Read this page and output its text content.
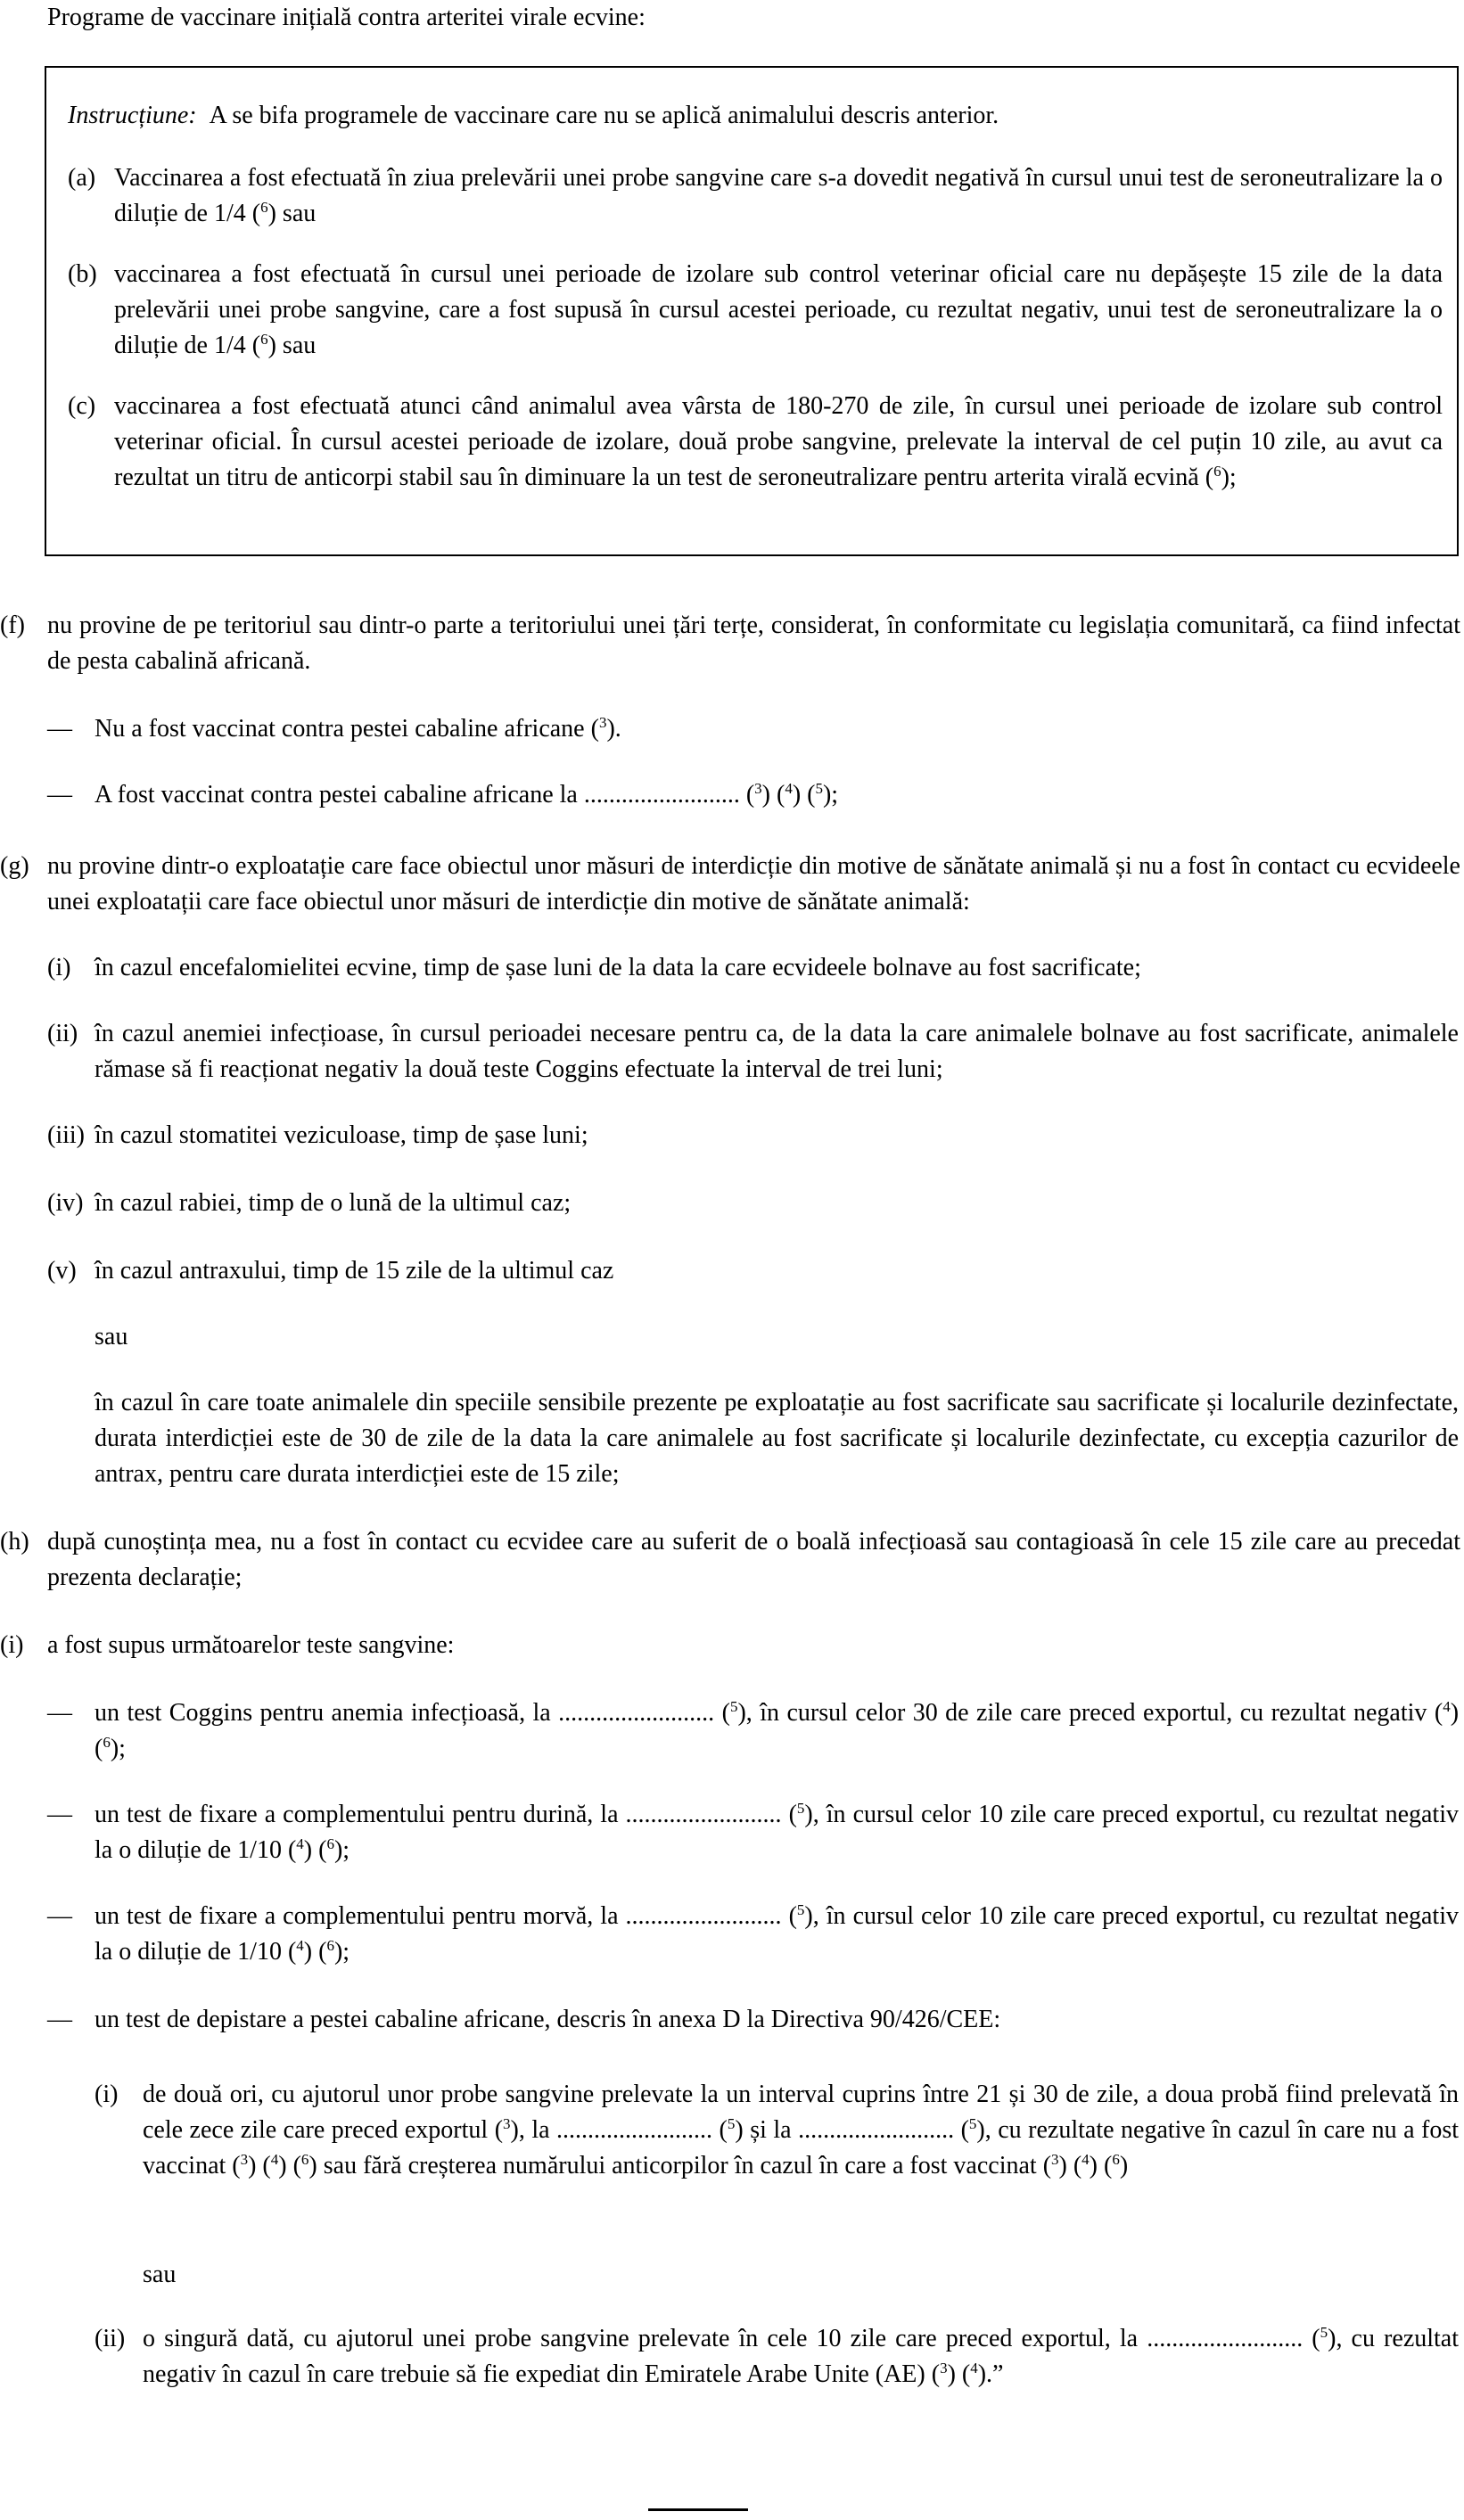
Programe de vaccinare inițială contra arteritei virale ecvine:

Instrucțiune: A se bifa programele de vaccinare care nu se aplică animalului descris anterior.

(a) Vaccinarea a fost efectuată în ziua prelevării unei probe sangvine care s-a dovedit negativă în cursul unui test de seroneutralizare la o diluție de 1/4 ($^6$) sau

(b) vaccinarea a fost efectuată în cursul unei perioade de izolare sub control veterinar oficial care nu depășește 15 zile de la data prelevării unei probe sangvine, care a fost supusă în cursul acestei perioade, cu rezultat negativ, unui test de seroneutralizare la o diluție de 1/4 ($^6$) sau

(c) vaccinarea a fost efectuată atunci când animalul avea vârsta de 180-270 de zile, în cursul unei perioade de izolare sub control veterinar oficial. În cursul acestei perioade de izolare, două probe sangvine, prelevate la interval de cel puțin 10 zile, au avut ca rezultat un titru de anticorpi stabil sau în diminuare la un test de seroneutralizare pentru arterita virală ecvină ($^6$);

(f) nu provine de pe teritoriul sau dintr-o parte a teritoriului unei țări terțe, considerat, în conformitate cu legislația comunitară, ca fiind infectat de pesta cabalină africană.

— Nu a fost vaccinat contra pestei cabaline africane ($^3$).

— A fost vaccinat contra pestei cabaline africane la ......................... ($^3$) ($^4$) ($^5$);

(g) nu provine dintr-o exploatație care face obiectul unor măsuri de interdicție din motive de sănătate animală și nu a fost în contact cu ecvideele unei exploatații care face obiectul unor măsuri de interdicție din motive de sănătate animală:

(i) în cazul encefalomielitei ecvine, timp de șase luni de la data la care ecvideele bolnave au fost sacrificate;

(ii) în cazul anemiei infecțioase, în cursul perioadei necesare pentru ca, de la data la care animalele bolnave au fost sacrificate, animalele rămase să fi reacționat negativ la două teste Coggins efectuate la interval de trei luni;

(iii) în cazul stomatitei veziculoase, timp de șase luni;

(iv) în cazul rabiei, timp de o lună de la ultimul caz;

(v) în cazul antraxului, timp de 15 zile de la ultimul caz

sau

în cazul în care toate animalele din speciile sensibile prezente pe exploatație au fost sacrificate sau sacrificate și localurile dezinfectate, durata interdicției este de 30 de zile de la data la care animalele au fost sacrificate și localurile dezinfectate, cu excepția cazurilor de antrax, pentru care durata interdicției este de 15 zile;

(h) după cunoștința mea, nu a fost în contact cu ecvidee care au suferit de o boală infecțioasă sau contagioasă în cele 15 zile care au precedat prezenta declarație;

(i) a fost supus următoarelor teste sangvine:

— un test Coggins pentru anemia infecțioasă, la ......................... ($^5$), în cursul celor 30 de zile care preced exportul, cu rezultat negativ ($^4$) ($^6$);

— un test de fixare a complementului pentru durină, la ......................... ($^5$), în cursul celor 10 zile care preced exportul, cu rezultat negativ la o diluție de 1/10 ($^4$) ($^6$);

— un test de fixare a complementului pentru morvă, la ......................... ($^5$), în cursul celor 10 zile care preced exportul, cu rezultat negativ la o diluție de 1/10 ($^4$) ($^6$);

— un test de depistare a pestei cabaline africane, descris în anexa D la Directiva 90/426/CEE:

(i) de două ori, cu ajutorul unor probe sangvine prelevate la un interval cuprins între 21 și 30 de zile, a doua probă fiind prelevată în cele zece zile care preced exportul ($^3$), la ......................... ($^5$) și la ......................... ($^5$), cu rezultate negative în cazul în care nu a fost vaccinat ($^3$) ($^4$) ($^6$) sau fără creșterea numărului anticorpilor în cazul în care a fost vaccinat ($^3$) ($^4$) ($^6$)

sau

(ii) o singură dată, cu ajutorul unei probe sangvine prelevate în cele 10 zile care preced exportul, la ......................... ($^5$), cu rezultat negativ în cazul în care trebuie să fie expediat din Emiratele Arabe Unite (AE) ($^3$) ($^4$).”
